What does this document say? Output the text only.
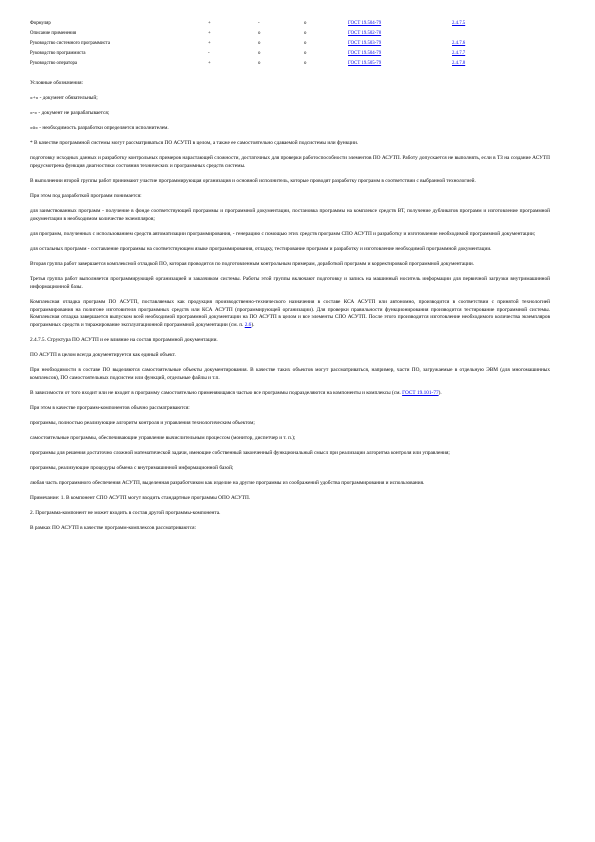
Формуляр	+	-	о	ГОСТ 19.504-79	2.4.7.5
Описание применения	+	о	о	ГОСТ 19.502-78	
Руководство системного программиста	+	о	о	ГОСТ 19.503-79	2.4.7.6
Руководство программиста	-	о	о	ГОСТ 19.504-79	2.4.7.7
Руководство оператора	+	о	о	ГОСТ 19.505-79	2.4.7.8

Условные обозначения:

«+» - документ обязательный;

«-» - документ не разрабатывается;

«о» - необходимость разработки определяется исполнителем.

* В качестве программной системы могут рассматриваться ПО АСУТП в целом, а также ее самостоятельно сдаваемой подсистемы или функции.

подготовку исходных данных и разработку контрольных примеров нарастающей сложности, достаточных для проверки работоспособности элементов ПО АСУТП. Работу допускается не выполнять, если в ТЗ на создание АСУТП предусмотрена функция диагностики состояния технических и программных средств системы.

В выполнении второй группы работ принимают участие программирующая организация и основной исполнитель, которые проводят разработку программ в соответствии с выбранной технологией.

При этом под разработкой программ понимается:

для заимствованных программ - получение в фонде соответствующей программы и программной документации, постановка программы на комплексе средств ВТ, получение дубликатов программ и изготовление программной документации в необходимом количестве экземпляров;

для программ, полученных с использованием средств автоматизации программирования, - генерацию с помощью этих средств программ СПО АСУТП и разработку и изготовление необходимой программной документации;

для остальных программ - составление программы на соответствующем языке программирования, отладку, тестирование программ и разработку и изготовление необходимой программной документации.

Вторая группа работ завершается комплексной отладкой ПО, которая проводится по подготовленным контрольным примерам, доработкой программ и корректировкой программной документации.

Третья группа работ выполняется программирующей организацией и заказчиком системы. Работы этой группы включают подготовку и запись на машинный носитель информации для первичной загрузки внутримашинной информационной базы.

Комплексная отладка программ ПО АСУТП, поставляемых как продукция производственно-технического назначения в составе КСА АСУТП или автономно, производится в соответствии с принятой технологией программирования на полигоне изготовителя программных средств или КСА АСУТП (программирующей организации). Для проверки правильности функционирования производится тестирование программной системы. Комплексная отладка завершается выпуском всей необходимой программной документации на ПО АСУТП в целом и все элементы СПО АСУТП. После этого производится изготовление необходимого количества экземпляров программных средств и тиражирование эксплуатационной программной документации (см. п. 2.6).

2.4.7.5. Структура ПО АСУТП и ее влияние на состав программной документации.

ПО АСУТП в целом всегда документируется как единый объект.

При необходимости в составе ПО выделяются самостоятельные объекты документирования. В качестве таких объектов могут рассматриваться, например, части ПО, загружаемые в отдельную ЭВМ (для многомашинных комплексов), ПО самостоятельных подсистем или функций, отдельные файлы и т.п.

В зависимости от того входит или не входит в программу самостоятельно применяющаяся частью все программы подразделяются на компоненты и комплексы (см. ГОСТ 19.101-77).

При этом в качестве программ-компонентов обычно рассматриваются:

программы, полностью реализующие алгоритм контроля и управления технологическим объектом;

самостоятельные программы, обеспечивающие управление вычислительным процессом (монитор, диспетчер и т. п.);

программы для решения достаточно сложной математической задачи, имеющие собственный законченный функциональный смысл при реализации алгоритма контроля или управления;

программы, реализующие процедуры обмена с внутримашинной информационной базой;

любая часть программного обеспечения АСУТП, выделенная разработчиком как изделие на другие программы из соображений удобства программирования и использования.

Примечание: 1. В компонент СПО АСУТП могут входить стандартные программы ОПО АСУТП.

2. Программа-компонент не может входить в состав другой программы-компонента.

В рамках ПО АСУТП в качестве программ-комплексов рассматриваются:
